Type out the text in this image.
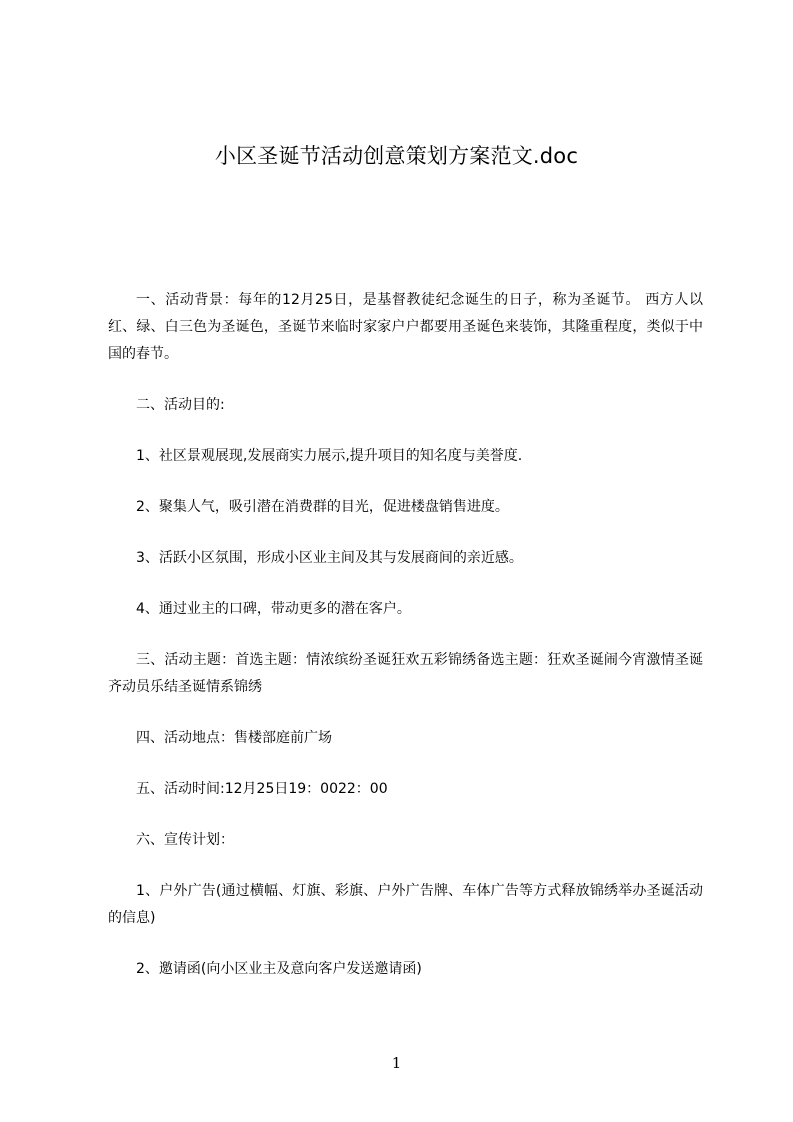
小区圣诞节活动创意策划方案范文.doc

一、活动背景：每年的12月25日，是基督教徒纪念诞生的日子，称为圣诞节。 西方人以红、绿、白三色为圣诞色，圣诞节来临时家家户户都要用圣诞色来装饰，其隆重程度，类似于中国的春节。

二、活动目的:

1、社区景观展现,发展商实力展示,提升项目的知名度与美誉度.

2、聚集人气，吸引潜在消费群的目光，促进楼盘销售进度。

3、活跃小区氛围，形成小区业主间及其与发展商间的亲近感。

4、通过业主的口碑，带动更多的潜在客户。

三、活动主题：首选主题：情浓缤纷圣诞狂欢五彩锦绣备选主题：狂欢圣诞闹今宵激情圣诞齐动员乐结圣诞情系锦绣

四、活动地点：售楼部庭前广场

五、活动时间:12月25日19：0022：00

六、宣传计划：

1、户外广告(通过横幅、灯旗、彩旗、户外广告牌、车体广告等方式释放锦绣举办圣诞活动的信息)

2、邀请函(向小区业主及意向客户发送邀请函)

1
